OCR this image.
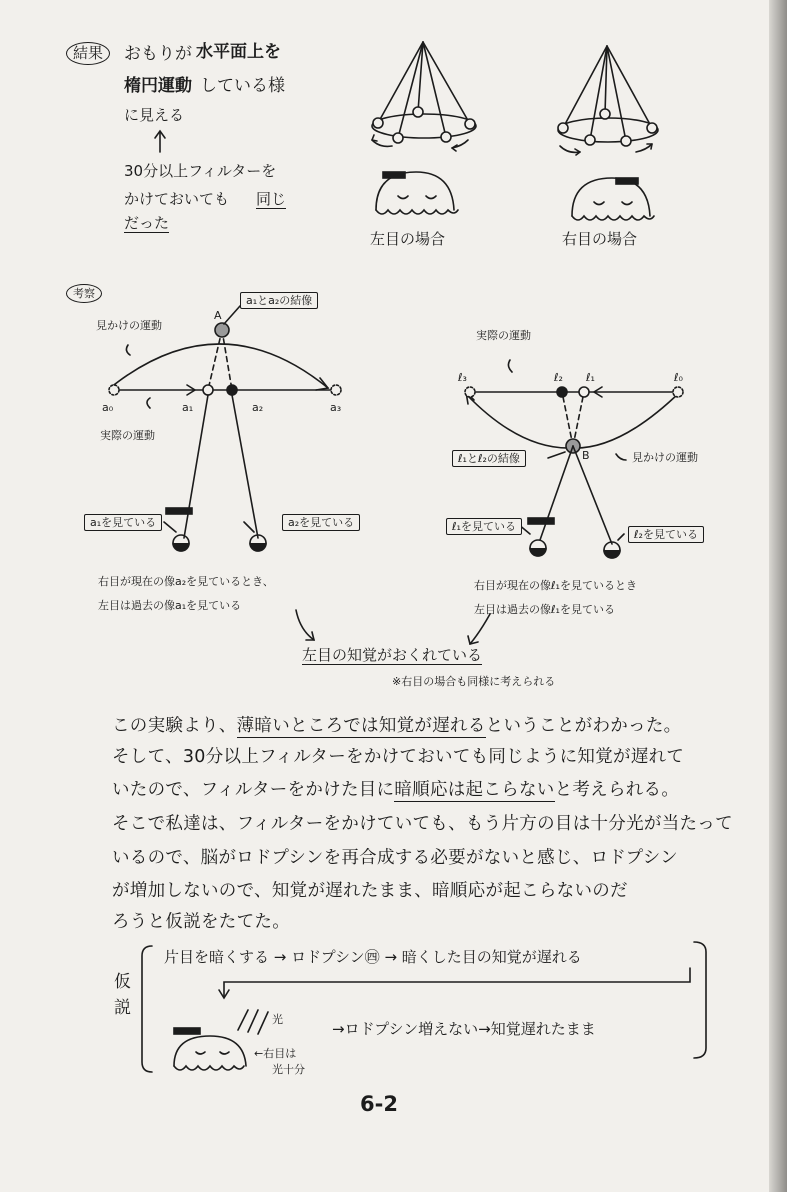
結果	おもりが 水平面上を
楕円運動 している様
に見える
30分以上フィルターを
かけておいても 同じ
だった
左目の場合	右目の場合
考察
見かけの運動
A
a₁とa₂の結像
a₀	a₁	a₂	a₃
実際の運動
a₁を見ている	a₂を見ている
右目が現在の像a₂を見ているとき、
左目は過去の像a₁を見ている
実際の運動
ℓ₃	ℓ₂ ℓ₁	ℓ₀
ℓ₁とℓ₂の結像	B	見かけの運動
ℓ₁を見ている
ℓ₂を見ている
右目が現在の像ℓ₁を見ているとき
左目は過去の像ℓ₁を見ている
左目の知覚がおくれている
※右目の場合も同様に考えられる
この実験より、薄暗いところでは知覚が遅れるということがわかった。
そして、30分以上フィルターをかけておいても同じように知覚が遅れて
いたので、フィルターをかけた目に暗順応は起こらないと考えられる。
そこで私達は、フィルターをかけていても、もう片方の目は十分光が当たって
いるので、脳がロドプシンを再合成する必要がないと感じ、ロドプシン
が増加しないので、知覚が遅れたまま、暗順応が起こらないのだ
ろうと仮説をたてた。
仮
説
片目を暗くする → ロドプシン㊃ → 暗くした目の知覚が遅れる
光
←右目は
光十分
→ロドプシン増えない→知覚遅れたまま
6-2
